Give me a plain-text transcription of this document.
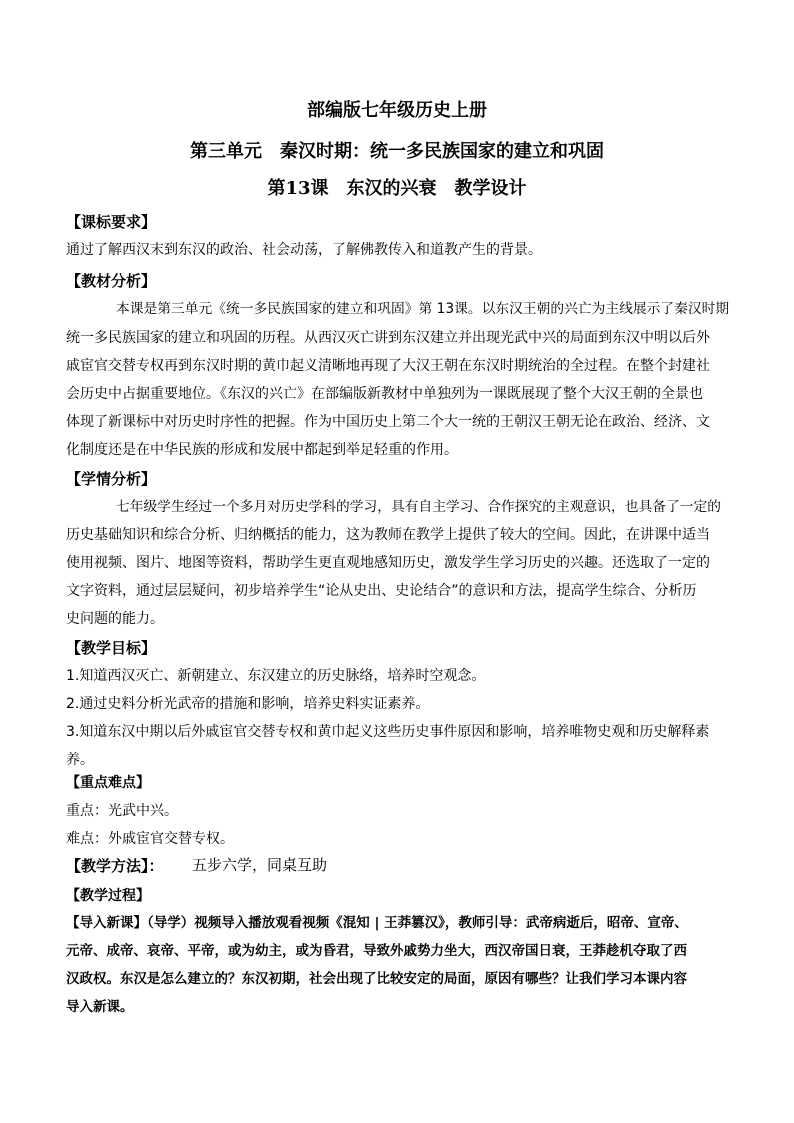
部编版七年级历史上册
第三单元　秦汉时期：统一多民族国家的建立和巩固
第13课　东汉的兴衰　教学设计
【课标要求】
通过了解西汉末到东汉的政治、社会动荡，了解佛教传入和道教产生的背景。
【教材分析】
本课是第三单元《统一多民族国家的建立和巩固》第 13课。以东汉王朝的兴亡为主线展示了秦汉时期
统一多民族国家的建立和巩固的历程。从西汉灭亡讲到东汉建立并出现光武中兴的局面到东汉中明以后外
戚宦官交替专权再到东汉时期的黄巾起义清晰地再现了大汉王朝在东汉时期统治的全过程。在整个封建社
会历史中占据重要地位。《东汉的兴亡》在部编版新教材中单独列为一课既展现了整个大汉王朝的全景也
体现了新课标中对历史时序性的把握。作为中国历史上第二个大一统的王朝汉王朝无论在政治、经济、文
化制度还是在中华民族的形成和发展中都起到举足轻重的作用。
【学情分析】
七年级学生经过一个多月对历史学科的学习，具有自主学习、合作探究的主观意识，也具备了一定的
历史基础知识和综合分析、归纳概括的能力，这为教师在教学上提供了较大的空间。因此，在讲课中适当
使用视频、图片、地图等资料，帮助学生更直观地感知历史，激发学生学习历史的兴趣。还选取了一定的
文字资料，通过层层疑问，初步培养学生“论从史出、史论结合”的意识和方法，提高学生综合、分析历
史问题的能力。
【教学目标】
1.知道西汉灭亡、新朝建立、东汉建立的历史脉络，培养时空观念。
2.通过史料分析光武帝的措施和影响，培养史料实证素养。
3.知道东汉中期以后外戚宦官交替专权和黄巾起义这些历史事件原因和影响，培养唯物史观和历史解释素
养。
【重点难点】
重点：光武中兴。
难点：外戚宦官交替专权。
【教学方法】： 五步六学，同桌互助
【教学过程】
【导入新课】（导学）视频导入播放观看视频《混知 | 王莽篡汉》，教师引导：武帝病逝后，昭帝、宣帝、
元帝、成帝、哀帝、平帝，或为幼主，或为昏君，导致外戚势力坐大，西汉帝国日衰，王莽趁机夺取了西
汉政权。东汉是怎么建立的？东汉初期，社会出现了比较安定的局面，原因有哪些？让我们学习本课内容
导入新课。
